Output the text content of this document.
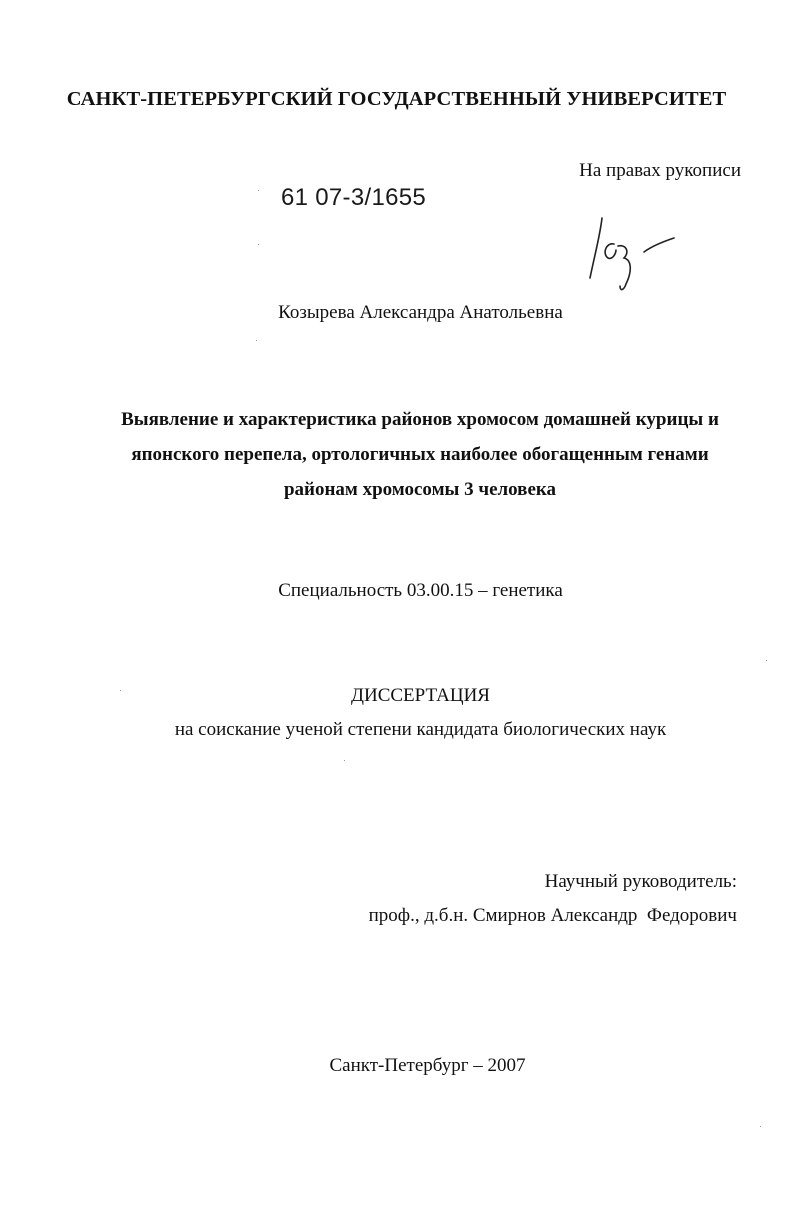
САНКТ-ПЕТЕРБУРГСКИЙ ГОСУДАРСТВЕННЫЙ УНИВЕРСИТЕТ

На правах рукописи

61 07-3/1655

Козырева Александра Анатольевна

Выявление и характеристика районов хромосом домашней курицы и
японского перепела, ортологичных наиболее обогащенным генами
районам хромосомы 3 человека

Специальность 03.00.15 – генетика

ДИССЕРТАЦИЯ

на соискание ученой степени кандидата биологических наук

Научный руководитель:

проф., д.б.н. Смирнов Александр  Федорович

Санкт-Петербург – 2007
